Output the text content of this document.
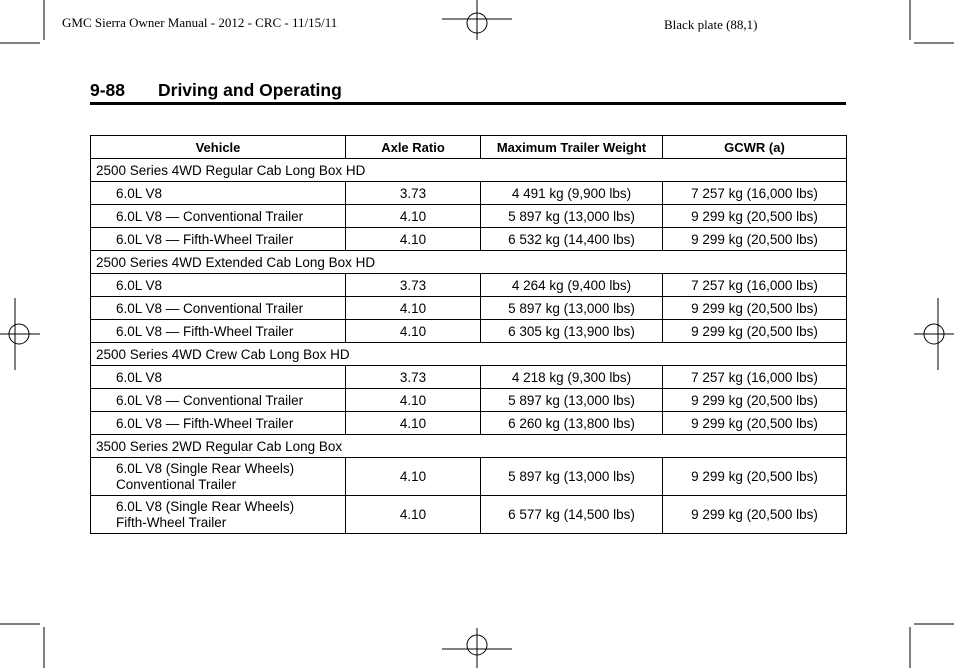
GMC Sierra Owner Manual - 2012 - CRC - 11/15/11	Black plate (88,1)
9-88 Driving and Operating
Vehicle	Axle Ratio	Maximum Trailer Weight	GCWR (a)
2500 Series 4WD Regular Cab Long Box HD			
6.0L V8	3.73	4 491 kg (9,900 lbs)	7 257 kg (16,000 lbs)
6.0L V8 — Conventional Trailer	4.10	5 897 kg (13,000 lbs)	9 299 kg (20,500 lbs)
6.0L V8 — Fifth-Wheel Trailer	4.10	6 532 kg (14,400 lbs)	9 299 kg (20,500 lbs)
2500 Series 4WD Extended Cab Long Box HD			
6.0L V8	3.73	4 264 kg (9,400 lbs)	7 257 kg (16,000 lbs)
6.0L V8 — Conventional Trailer	4.10	5 897 kg (13,000 lbs)	9 299 kg (20,500 lbs)
6.0L V8 — Fifth-Wheel Trailer	4.10	6 305 kg (13,900 lbs)	9 299 kg (20,500 lbs)
2500 Series 4WD Crew Cab Long Box HD			
6.0L V8	3.73	4 218 kg (9,300 lbs)	7 257 kg (16,000 lbs)
6.0L V8 — Conventional Trailer	4.10	5 897 kg (13,000 lbs)	9 299 kg (20,500 lbs)
6.0L V8 — Fifth-Wheel Trailer	4.10	6 260 kg (13,800 lbs)	9 299 kg (20,500 lbs)
3500 Series 2WD Regular Cab Long Box			

6.0L V8 (Single Rear Wheels)
Conventional Trailer	4.10	5 897 kg (13,000 lbs)	9 299 kg (20,500 lbs)

6.0L V8 (Single Rear Wheels)
Fifth-Wheel Trailer	4.10	6 577 kg (14,500 lbs)	9 299 kg (20,500 lbs)
